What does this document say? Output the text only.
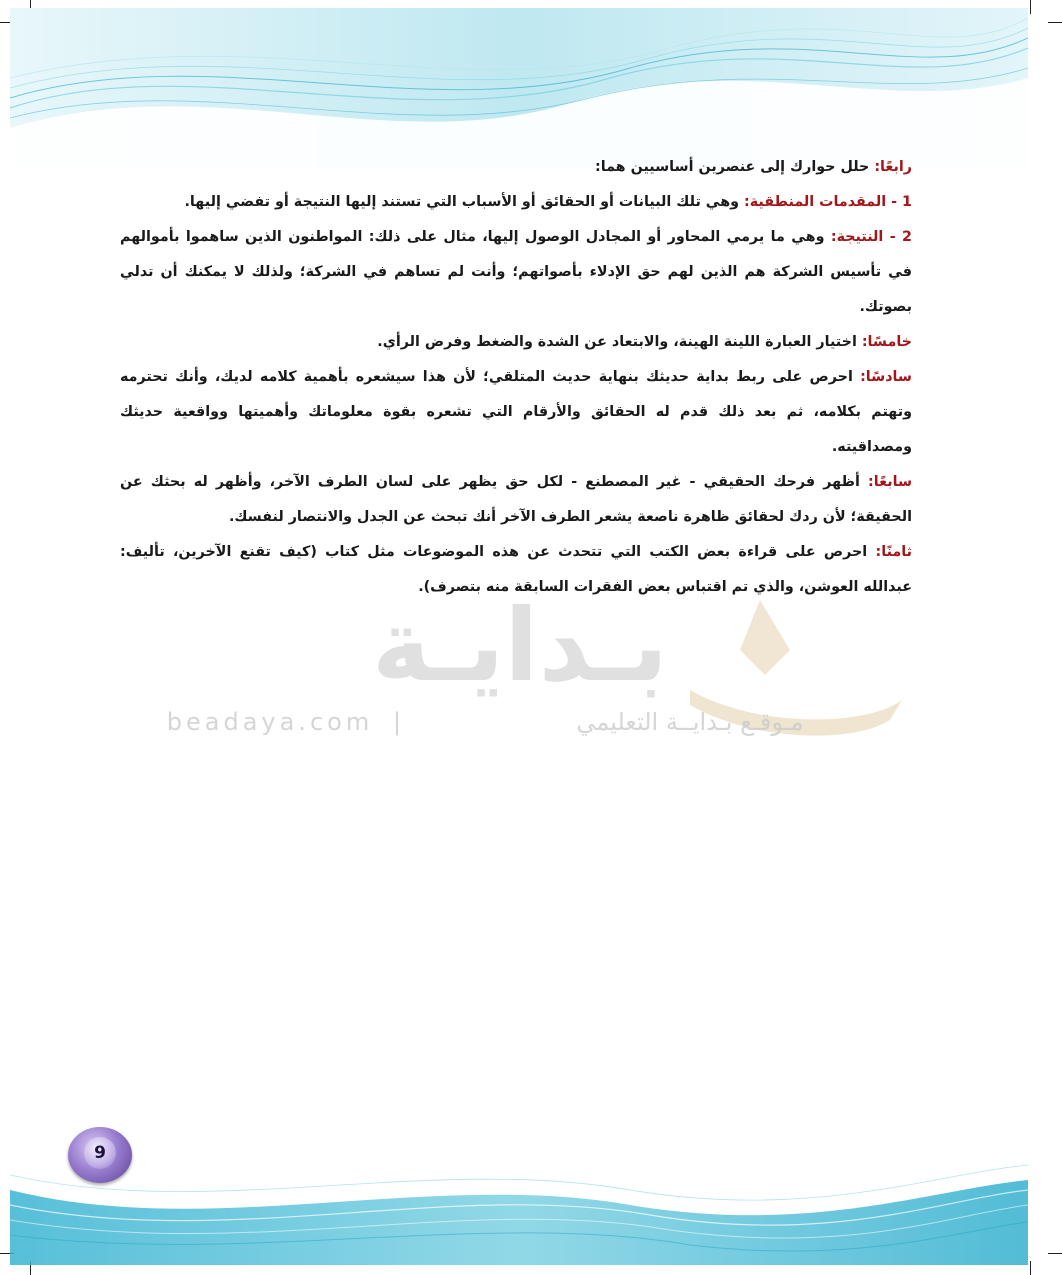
رابعًا: حلل حوارك إلى عنصرين أساسيين هما:

1 - المقدمات المنطقية: وهي تلك البيانات أو الحقائق أو الأسباب التي تستند إليها النتيجة أو تفضي إليها.

2 - النتيجة: وهي ما يرمي المحاور أو المجادل الوصول إليها، مثال على ذلك: المواطنون الذين ساهموا بأموالهم في تأسيس الشركة هم الذين لهم حق الإدلاء بأصواتهم؛ وأنت لم تساهم في الشركة؛ ولذلك لا يمكنك أن تدلي بصوتك.

خامسًا: اختيار العبارة اللينة الهينة، والابتعاد عن الشدة والضغط وفرض الرأي.

سادسًا: احرص على ربط بداية حديثك بنهاية حديث المتلقي؛ لأن هذا سيشعره بأهمية كلامه لديك، وأنك تحترمه وتهتم بكلامه، ثم بعد ذلك قدم له الحقائق والأرقام التي تشعره بقوة معلوماتك وأهميتها وواقعية حديثك ومصداقيته.

سابعًا: أظهر فرحك الحقيقي - غير المصطنع - لكل حق يظهر على لسان الطرف الآخر، وأظهر له بحثك عن الحقيقة؛ لأن ردك لحقائق ظاهرة ناصعة يشعر الطرف الآخر أنك تبحث عن الجدل والانتصار لنفسك.

ثامنًا: احرص على قراءة بعض الكتب التي تتحدث عن هذه الموضوعات مثل كتاب (كيف تقنع الآخرين، تأليف: عبدالله العوشن، والذي تم اقتباس بعض الفقرات السابقة منه بتصرف).

بـدايـة
مـوقـع بـدايــة التعليمي
|
beadaya.com
9
